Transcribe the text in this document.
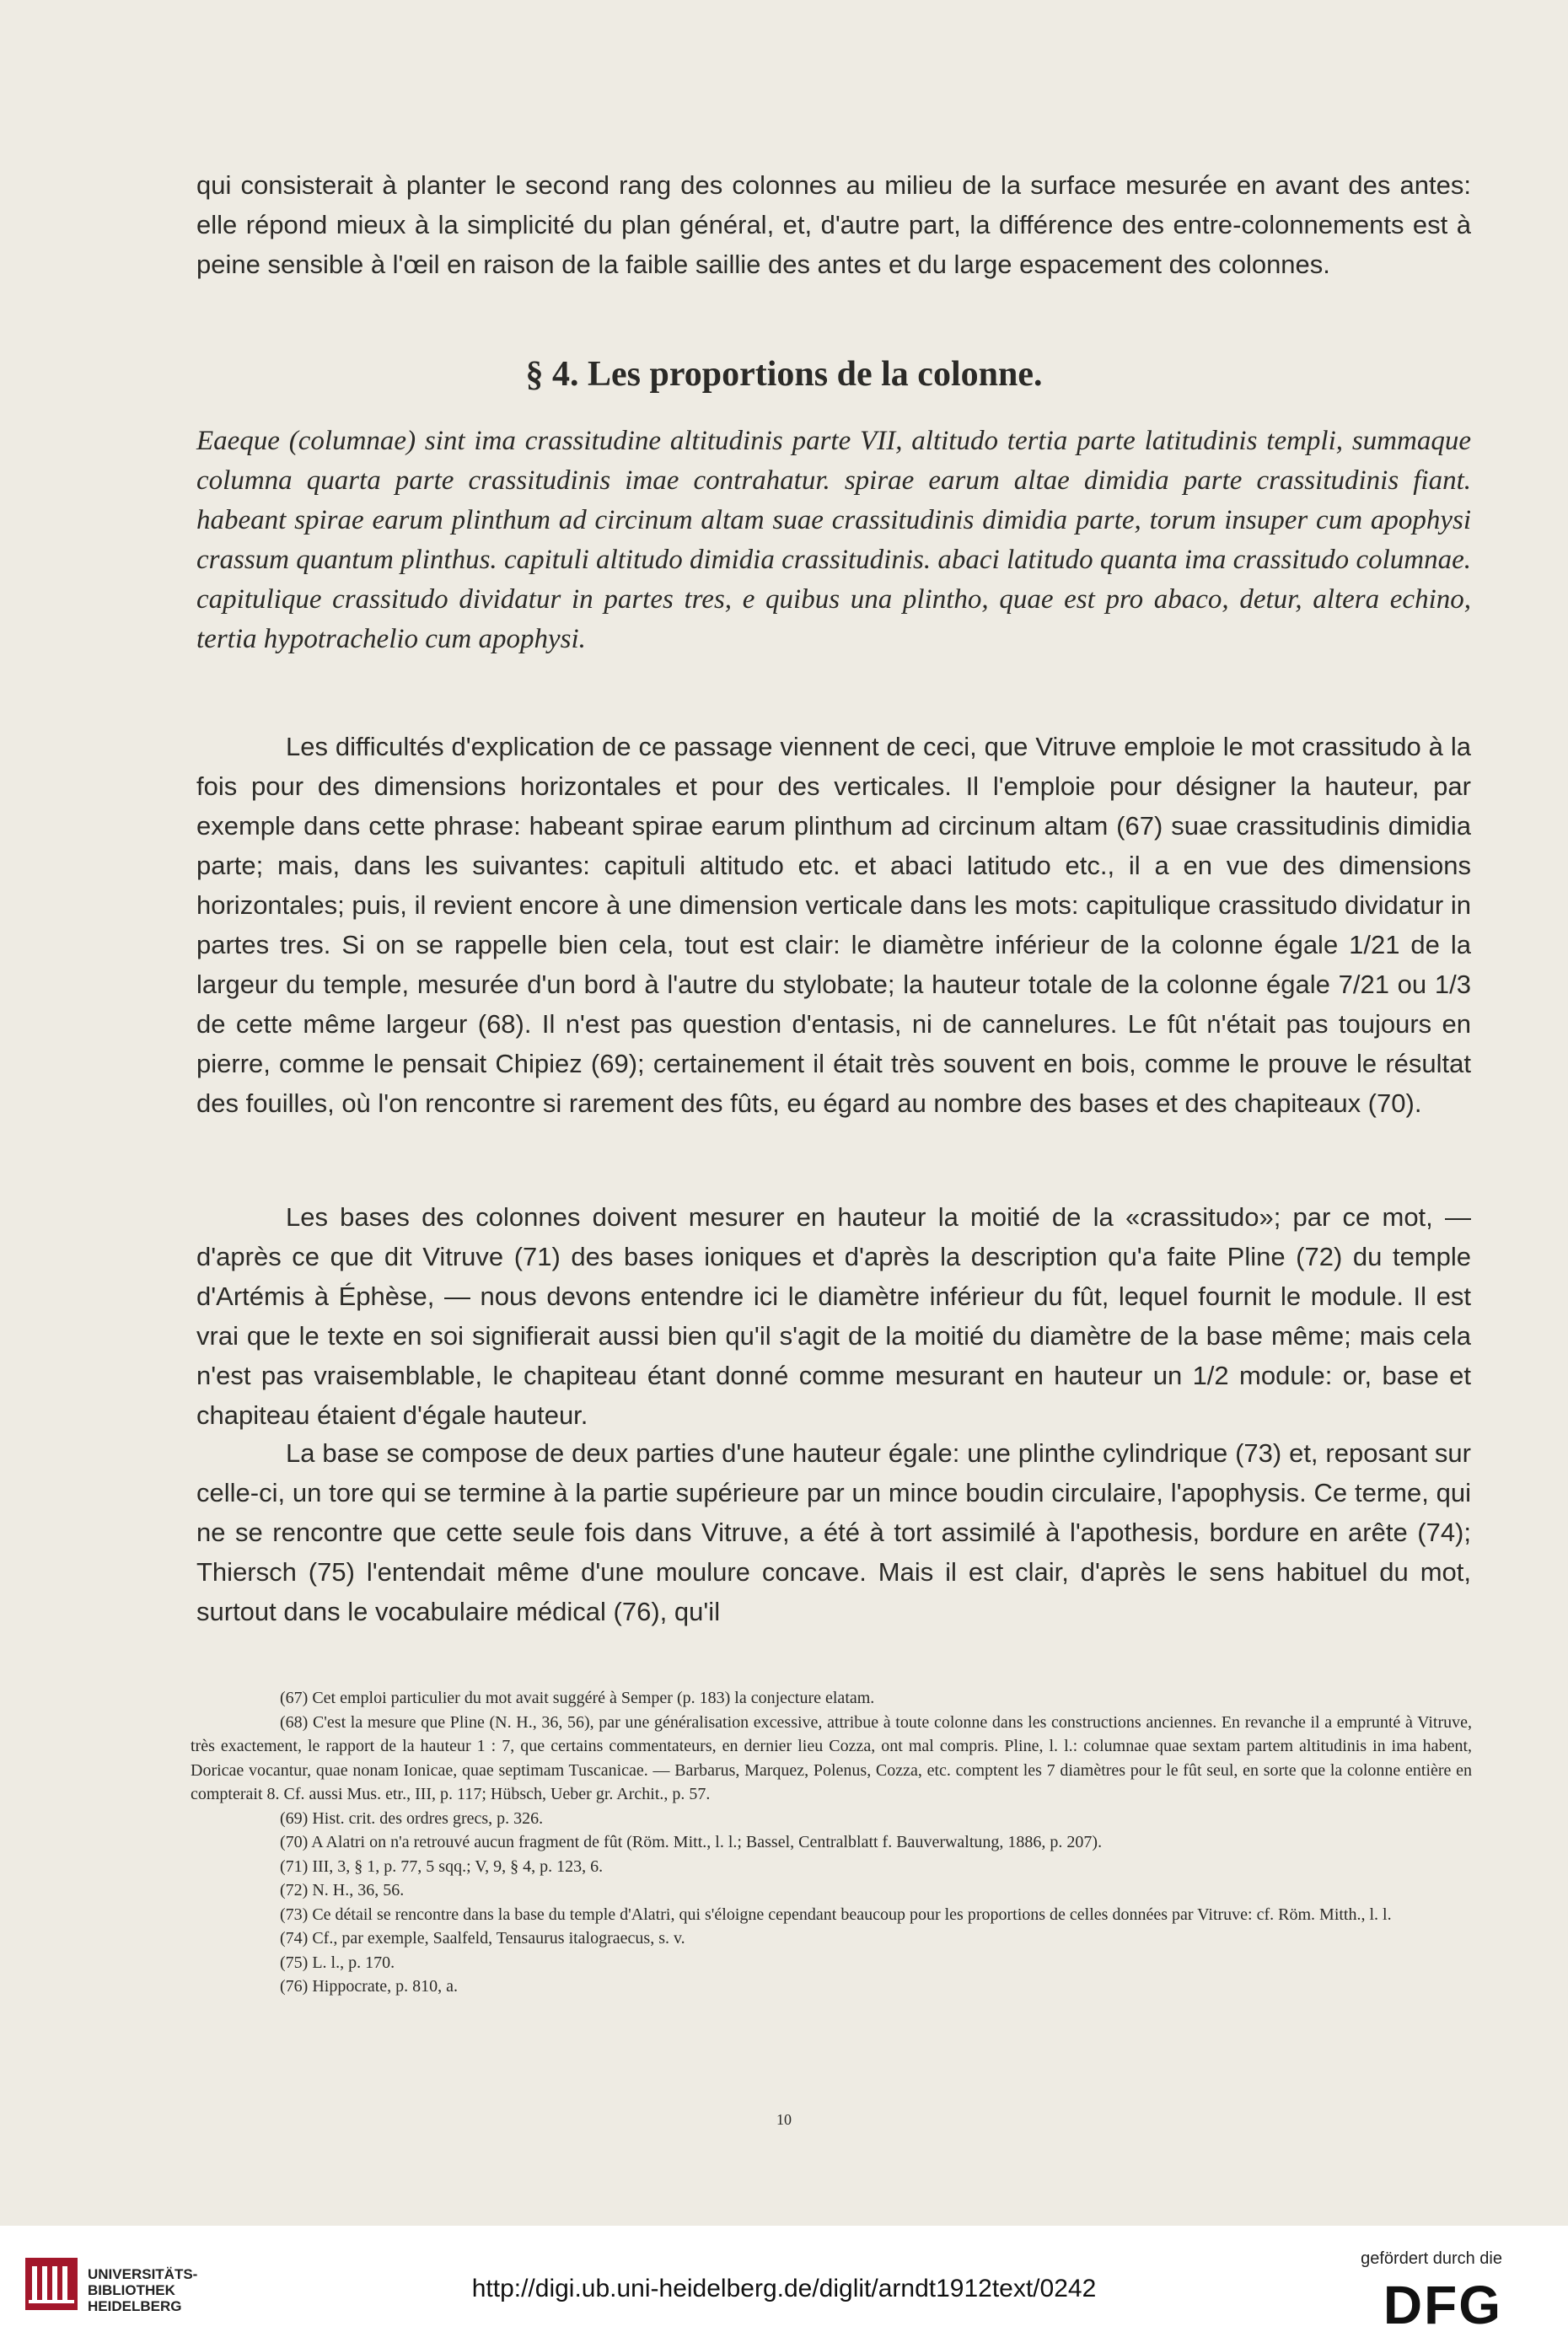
qui consisterait à planter le second rang des colonnes au milieu de la surface mesurée en avant des antes: elle répond mieux à la simplicité du plan général, et, d'autre part, la différence des entre-colonnements est à peine sensible à l'œil en raison de la faible saillie des antes et du large espacement des colonnes.

§ 4. Les proportions de la colonne.

Eaeque (columnae) sint ima crassitudine altitudinis parte VII, altitudo tertia parte latitudinis templi, summaque columna quarta parte crassitudinis imae contrahatur. spirae earum altae dimidia parte crassitudinis fiant. habeant spirae earum plinthum ad circinum altam suae crassitudinis dimidia parte, torum insuper cum apophysi crassum quantum plinthus. capituli altitudo dimidia crassitudinis. abaci latitudo quanta ima crassitudo columnae. capitulique crassitudo dividatur in partes tres, e quibus una plintho, quae est pro abaco, detur, altera echino, tertia hypotrachelio cum apophysi.

Les difficultés d'explication de ce passage viennent de ceci, que Vitruve emploie le mot crassitudo à la fois pour des dimensions horizontales et pour des verticales. Il l'emploie pour désigner la hauteur, par exemple dans cette phrase: habeant spirae earum plinthum ad circinum altam (67) suae crassitudinis dimidia parte; mais, dans les suivantes: capituli altitudo etc. et abaci latitudo etc., il a en vue des dimensions horizontales; puis, il revient encore à une dimension verticale dans les mots: capitulique crassitudo dividatur in partes tres. Si on se rappelle bien cela, tout est clair: le diamètre inférieur de la colonne égale 1/21 de la largeur du temple, mesurée d'un bord à l'autre du stylobate; la hauteur totale de la colonne égale 7/21 ou 1/3 de cette même largeur (68). Il n'est pas question d'entasis, ni de cannelures. Le fût n'était pas toujours en pierre, comme le pensait Chipiez (69); certainement il était très souvent en bois, comme le prouve le résultat des fouilles, où l'on rencontre si rarement des fûts, eu égard au nombre des bases et des chapiteaux (70).

Les bases des colonnes doivent mesurer en hauteur la moitié de la «crassitudo»; par ce mot, — d'après ce que dit Vitruve (71) des bases ioniques et d'après la description qu'a faite Pline (72) du temple d'Artémis à Éphèse, — nous devons entendre ici le diamètre inférieur du fût, lequel fournit le module. Il est vrai que le texte en soi signifierait aussi bien qu'il s'agit de la moitié du diamètre de la base même; mais cela n'est pas vraisemblable, le chapiteau étant donné comme mesurant en hauteur un 1/2 module: or, base et chapiteau étaient d'égale hauteur.

La base se compose de deux parties d'une hauteur égale: une plinthe cylindrique (73) et, reposant sur celle-ci, un tore qui se termine à la partie supérieure par un mince boudin circulaire, l'apophysis. Ce terme, qui ne se rencontre que cette seule fois dans Vitruve, a été à tort assimilé à l'apothesis, bordure en arête (74); Thiersch (75) l'entendait même d'une moulure concave. Mais il est clair, d'après le sens habituel du mot, surtout dans le vocabulaire médical (76), qu'il

(67) Cet emploi particulier du mot avait suggéré à Semper (p. 183) la conjecture elatam.
(68) C'est la mesure que Pline (N. H., 36, 56), par une généralisation excessive, attribue à toute colonne dans les constructions anciennes. En revanche il a emprunté à Vitruve, très exactement, le rapport de la hauteur 1 : 7, que certains commentateurs, en dernier lieu Cozza, ont mal compris. Pline, l. l.: columnae quae sextam partem altitudinis in ima habent, Doricae vocantur, quae nonam Ionicae, quae septimam Tuscanicae. — Barbarus, Marquez, Polenus, Cozza, etc. comptent les 7 diamètres pour le fût seul, en sorte que la colonne entière en compterait 8. Cf. aussi Mus. etr., III, p. 117; Hübsch, Ueber gr. Archit., p. 57.
(69) Hist. crit. des ordres grecs, p. 326.
(70) A Alatri on n'a retrouvé aucun fragment de fût (Röm. Mitt., l. l.; Bassel, Centralblatt f. Bauverwaltung, 1886, p. 207).
(71) III, 3, § 1, p. 77, 5 sqq.; V, 9, § 4, p. 123, 6.
(72) N. H., 36, 56.
(73) Ce détail se rencontre dans la base du temple d'Alatri, qui s'éloigne cependant beaucoup pour les proportions de celles données par Vitruve: cf. Röm. Mitth., l. l.
(74) Cf., par exemple, Saalfeld, Tensaurus italograecus, s. v.
(75) L. l., p. 170.
(76) Hippocrate, p. 810, a.
10
UNIVERSITÄTS-
BIBLIOTHEK
HEIDELBERG
http://digi.ub.uni-heidelberg.de/diglit/arndt1912text/0242
gefördert durch die
DFG
